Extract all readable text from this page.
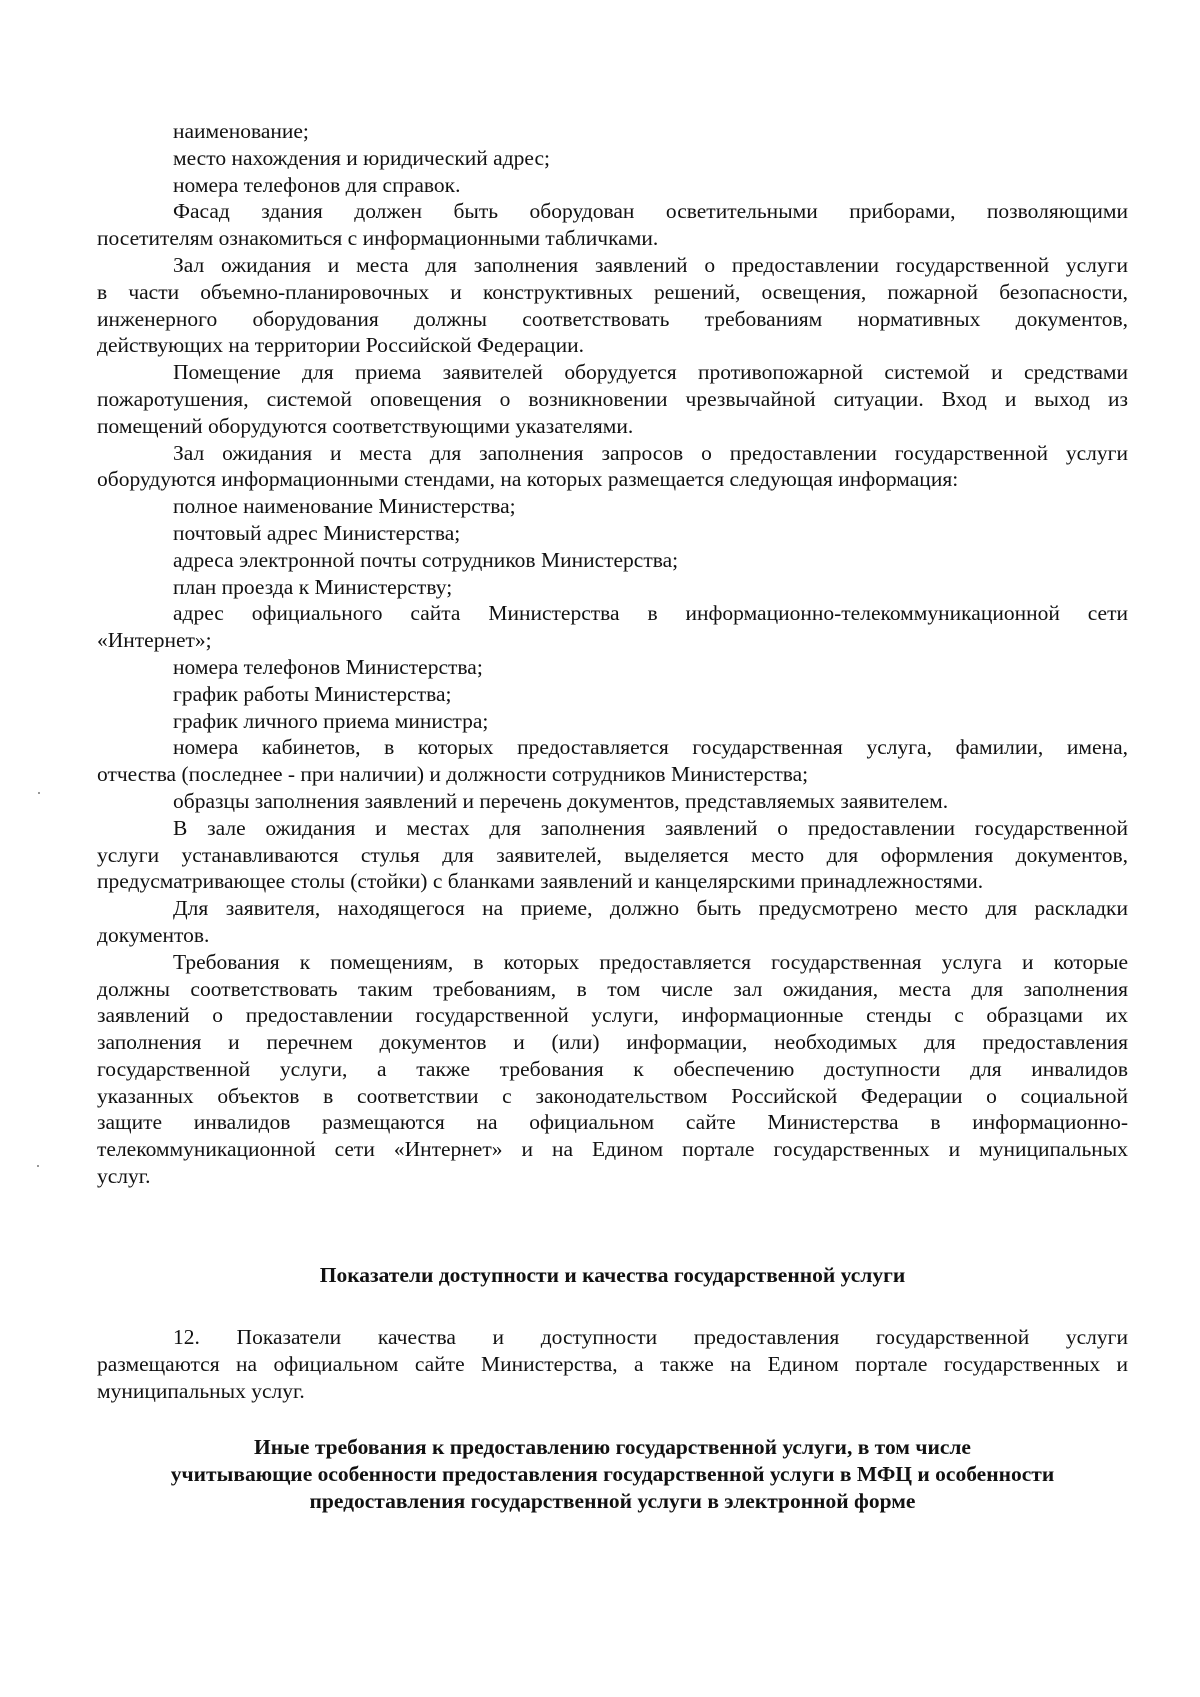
наименование;
место нахождения и юридический адрес;
номера телефонов для справок.
Фасад здания должен быть оборудован осветительными приборами, позволяющими
посетителям ознакомиться с информационными табличками.
Зал ожидания и места для заполнения заявлений о предоставлении государственной услуги
в части объемно-планировочных и конструктивных решений, освещения, пожарной безопасности,
инженерного оборудования должны соответствовать требованиям нормативных документов,
действующих на территории Российской Федерации.
Помещение для приема заявителей оборудуется противопожарной системой и средствами
пожаротушения, системой оповещения о возникновении чрезвычайной ситуации. Вход и выход из
помещений оборудуются соответствующими указателями.
Зал ожидания и места для заполнения запросов о предоставлении государственной услуги
оборудуются информационными стендами, на которых размещается следующая информация:
полное наименование Министерства;
почтовый адрес Министерства;
адреса электронной почты сотрудников Министерства;
план проезда к Министерству;
адрес официального сайта Министерства в информационно-телекоммуникационной сети
«Интернет»;
номера телефонов Министерства;
график работы Министерства;
график личного приема министра;
номера кабинетов, в которых предоставляется государственная услуга, фамилии, имена,
отчества (последнее - при наличии) и должности сотрудников Министерства;
образцы заполнения заявлений и перечень документов, представляемых заявителем.
В зале ожидания и местах для заполнения заявлений о предоставлении государственной
услуги устанавливаются стулья для заявителей, выделяется место для оформления документов,
предусматривающее столы (стойки) с бланками заявлений и канцелярскими принадлежностями.
Для заявителя, находящегося на приеме, должно быть предусмотрено место для раскладки
документов.
Требования к помещениям, в которых предоставляется государственная услуга и которые
должны соответствовать таким требованиям, в том числе зал ожидания, места для заполнения
заявлений о предоставлении государственной услуги, информационные стенды с образцами их
заполнения и перечнем документов и (или) информации, необходимых для предоставления
государственной услуги, а также требования к обеспечению доступности для инвалидов
указанных объектов в соответствии с законодательством Российской Федерации о социальной
защите инвалидов размещаются на официальном сайте Министерства в информационно-
телекоммуникационной сети «Интернет» и на Едином портале государственных и муниципальных
услуг.
Показатели доступности и качества государственной услуги
12. Показатели качества и доступности предоставления государственной услуги
размещаются на официальном сайте Министерства, а также на Едином портале государственных и
муниципальных услуг.
Иные требования к предоставлению государственной услуги, в том числе
учитывающие особенности предоставления государственной услуги в МФЦ и особенности
предоставления государственной услуги в электронной форме
